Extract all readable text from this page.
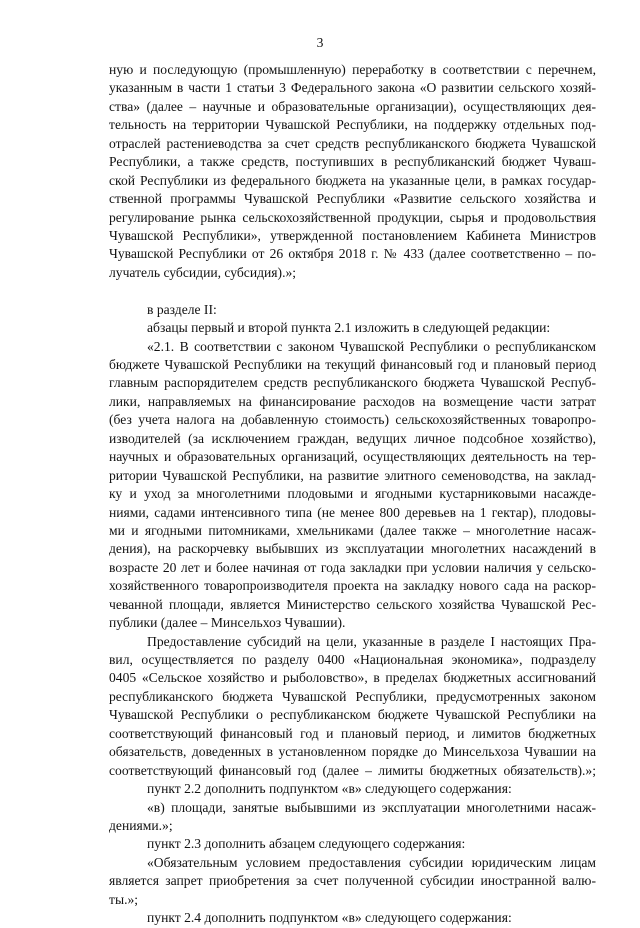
3
ную и последующую (промышленную) переработку в соответствии с перечнем,
указанным в части 1 статьи 3 Федерального закона «О развитии сельского хозяй-
ства» (далее – научные и образовательные организации), осуществляющих дея-
тельность на территории Чувашской Республики, на поддержку отдельных под-
отраслей растениеводства за счет средств республиканского бюджета Чувашской
Республики, а также средств, поступивших в республиканский бюджет Чуваш-
ской Республики из федерального бюджета на указанные цели, в рамках государ-
ственной программы Чувашской Республики «Развитие сельского хозяйства и
регулирование рынка сельскохозяйственной продукции, сырья и продовольствия
Чувашской Республики», утвержденной постановлением Кабинета Министров
Чувашской Республики от 26 октября 2018 г. № 433 (далее соответственно – по-
лучатель субсидии, субсидия).»;
в разделе II:
абзацы первый и второй пункта 2.1 изложить в следующей редакции:
«2.1. В соответствии с законом Чувашской Республики о республиканском
бюджете Чувашской Республики на текущий финансовый год и плановый период
главным распорядителем средств республиканского бюджета Чувашской Респуб-
лики, направляемых на финансирование расходов на возмещение части затрат
(без учета налога на добавленную стоимость) сельскохозяйственных товаропро-
изводителей (за исключением граждан, ведущих личное подсобное хозяйство),
научных и образовательных организаций, осуществляющих деятельность на тер-
ритории Чувашской Республики, на развитие элитного семеноводства, на заклад-
ку и уход за многолетними плодовыми и ягодными кустарниковыми насажде-
ниями, садами интенсивного типа (не менее 800 деревьев на 1 гектар), плодовы-
ми и ягодными питомниками, хмельниками (далее также – многолетние насаж-
дения), на раскорчевку выбывших из эксплуатации многолетних насаждений в
возрасте 20 лет и более начиная от года закладки при условии наличия у сельско-
хозяйственного товаропроизводителя проекта на закладку нового сада на раскор-
чеванной площади, является Министерство сельского хозяйства Чувашской Рес-
публики (далее – Минсельхоз Чувашии).
Предоставление субсидий на цели, указанные в разделе I настоящих Пра-
вил, осуществляется по разделу 0400 «Национальная экономика», подразделу
0405 «Сельское хозяйство и рыболовство», в пределах бюджетных ассигнований
республиканского бюджета Чувашской Республики, предусмотренных законом
Чувашской Республики о республиканском бюджете Чувашской Республики на
соответствующий финансовый год и плановый период, и лимитов бюджетных
обязательств, доведенных в установленном порядке до Минсельхоза Чувашии на
соответствующий финансовый год (далее – лимиты бюджетных обязательств).»;
пункт 2.2 дополнить подпунктом «в» следующего содержания:
«в) площади, занятые выбывшими из эксплуатации многолетними насаж-
дениями.»;
пункт 2.3 дополнить абзацем следующего содержания:
«Обязательным условием предоставления субсидии юридическим лицам
является запрет приобретения за счет полученной субсидии иностранной валю-
ты.»;
пункт 2.4 дополнить подпунктом «в» следующего содержания:
